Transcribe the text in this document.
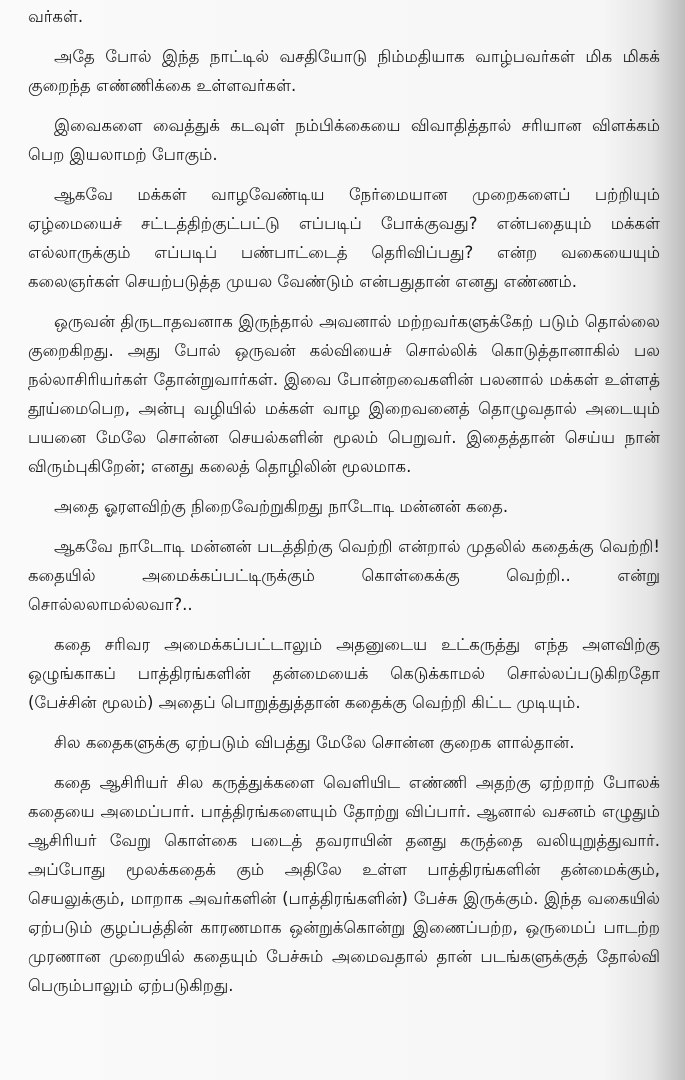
வர்கள்.

அதே போல் இந்த நாட்டில் வசதியோடு நிம்மதியாக வாழ்பவர்கள் மிக மிகக் குறைந்த எண்ணிக்கை உள்ளவர்கள்.

இவைகளை வைத்துக் கடவுள் நம்பிக்கையை விவாதித்தால் சரியான விளக்கம் பெற இயலாமற் போகும்.

ஆகவே மக்கள் வாழவேண்டிய நேர்மையான முறைகளைப் பற்றியும் ஏழ்மையைச் சட்டத்திற்குட்பட்டு எப்படிப் போக்குவது? என்பதையும் மக்கள் எல்லாருக்கும் எப்படிப் பண்பாட்டைத் தெரிவிப்பது? என்ற வகையையும் கலைஞர்கள் செயற்படுத்த முயல வேண்டும் என்பதுதான் எனது எண்ணம்.

ஒருவன் திருடாதவனாக இருந்தால் அவனால் மற்றவர்களுக்கேற் படும் தொல்லை குறைகிறது. அது போல் ஒருவன் கல்வியைச் சொல்லிக் கொடுத்தானாகில் பல நல்லாசிரியர்கள் தோன்றுவார்கள். இவை போன்றவைகளின் பலனால் மக்கள் உள்ளத் தூய்மைபெற, அன்பு வழியில் மக்கள் வாழ இறைவனைத் தொழுவதால் அடையும் பயனை மேலே சொன்ன செயல்களின் மூலம் பெறுவர். இதைத்தான் செய்ய நான் விரும்புகிறேன்; எனது கலைத் தொழிலின் மூலமாக.

அதை ஓரளவிற்கு நிறைவேற்றுகிறது நாடோடி மன்னன் கதை.

ஆகவே நாடோடி மன்னன் படத்திற்கு வெற்றி என்றால் முதலில் கதைக்கு வெற்றி! கதையில் அமைக்கப்பட்டிருக்கும் கொள்கைக்கு வெற்றி.. என்று சொல்லலாமல்லவா?..

கதை சரிவர அமைக்கப்பட்டாலும் அதனுடைய உட்கருத்து எந்த அளவிற்கு ஒழுங்காகப் பாத்திரங்களின் தன்மையைக் கெடுக்காமல் சொல்லப்படுகிறதோ (பேச்சின் மூலம்) அதைப் பொறுத்துத்தான் கதைக்கு வெற்றி கிட்ட முடியும்.

சில கதைகளுக்கு ஏற்படும் விபத்து மேலே சொன்ன குறைக ளால்தான்.

கதை ஆசிரியர் சில கருத்துக்களை வெளியிட எண்ணி அதற்கு ஏற்றாற் போலக் கதையை அமைப்பார். பாத்திரங்களையும் தோற்று விப்பார். ஆனால் வசனம் எழுதும் ஆசிரியர் வேறு கொள்கை படைத் தவராயின் தனது கருத்தை வலியுறுத்துவார். அப்போது மூலக்கதைக் கும் அதிலே உள்ள பாத்திரங்களின் தன்மைக்கும், செயலுக்கும், மாறாக அவர்களின் (பாத்திரங்களின்) பேச்சு இருக்கும். இந்த வகையில் ஏற்படும் குழப்பத்தின் காரணமாக ஒன்றுக்கொன்று இணைப்பற்ற, ஒருமைப் பாடற்ற முரணான முறையில் கதையும் பேச்சும் அமைவதால் தான் படங்களுக்குத் தோல்வி பெரும்பாலும் ஏற்படுகிறது.
